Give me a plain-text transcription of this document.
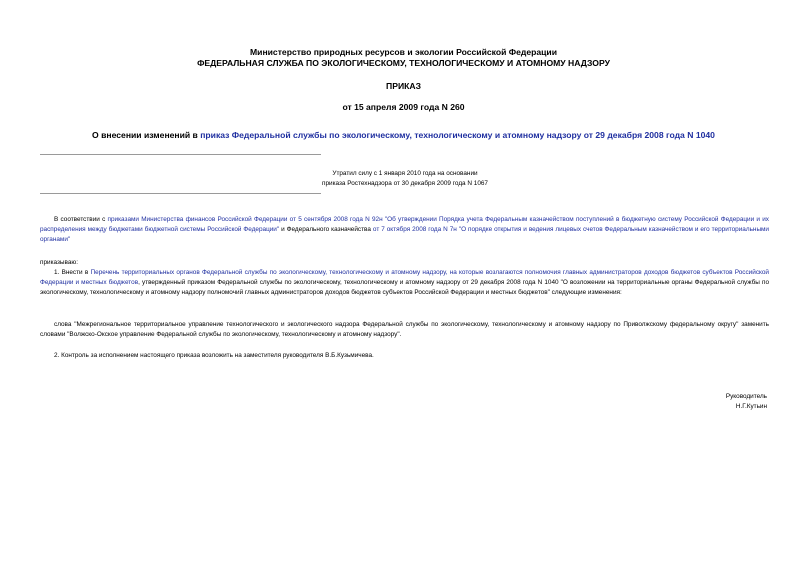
Министерство природных ресурсов и экологии Российской Федерации
ФЕДЕРАЛЬНАЯ СЛУЖБА ПО ЭКОЛОГИЧЕСКОМУ, ТЕХНОЛОГИЧЕСКОМУ И АТОМНОМУ НАДЗОРУ
ПРИКАЗ
от 15 апреля 2009 года N 260
О внесении изменений в приказ Федеральной службы по экологическому, технологическому и атомному надзору от 29 декабря 2008 года N 1040
Утратил силу с 1 января 2010 года на основании
приказа Ростехнадзора от 30 декабря 2009 года N 1067
В соответствии с приказами Министерства финансов Российской Федерации от 5 сентября 2008 года N 92н "Об утверждении Порядка учета Федеральным казначейством поступлений в бюджетную систему Российской Федерации и их распределения между бюджетами бюджетной системы Российской Федерации" и Федерального казначейства от 7 октября 2008 года N 7н "О порядке открытия и ведения лицевых счетов Федеральным казначейством и его территориальными органами"
приказываю:
1. Внести в Перечень территориальных органов Федеральной службы по экологическому, технологическому и атомному надзору, на которые возлагаются полномочия главных администраторов доходов бюджетов субъектов Российской Федерации и местных бюджетов, утвержденный приказом Федеральной службы по экологическому, технологическому и атомному надзору от 29 декабря 2008 года N 1040 "О возложении на территориальные органы Федеральной службы по экологическому, технологическому и атомному надзору полномочий главных администраторов доходов бюджетов субъектов Российской Федерации и местных бюджетов" следующие изменения:
слова "Межрегиональное территориальное управление технологического и экологического надзора Федеральной службы по экологическому, технологическому и атомному надзору по Приволжскому федеральному округу" заменить словами "Волжско-Окское управление Федеральной службы по экологическому, технологическому и атомному надзору".
2. Контроль за исполнением настоящего приказа возложить на заместителя руководителя В.Б.Кузьмичева.
Руководитель
Н.Г.Кутьин
